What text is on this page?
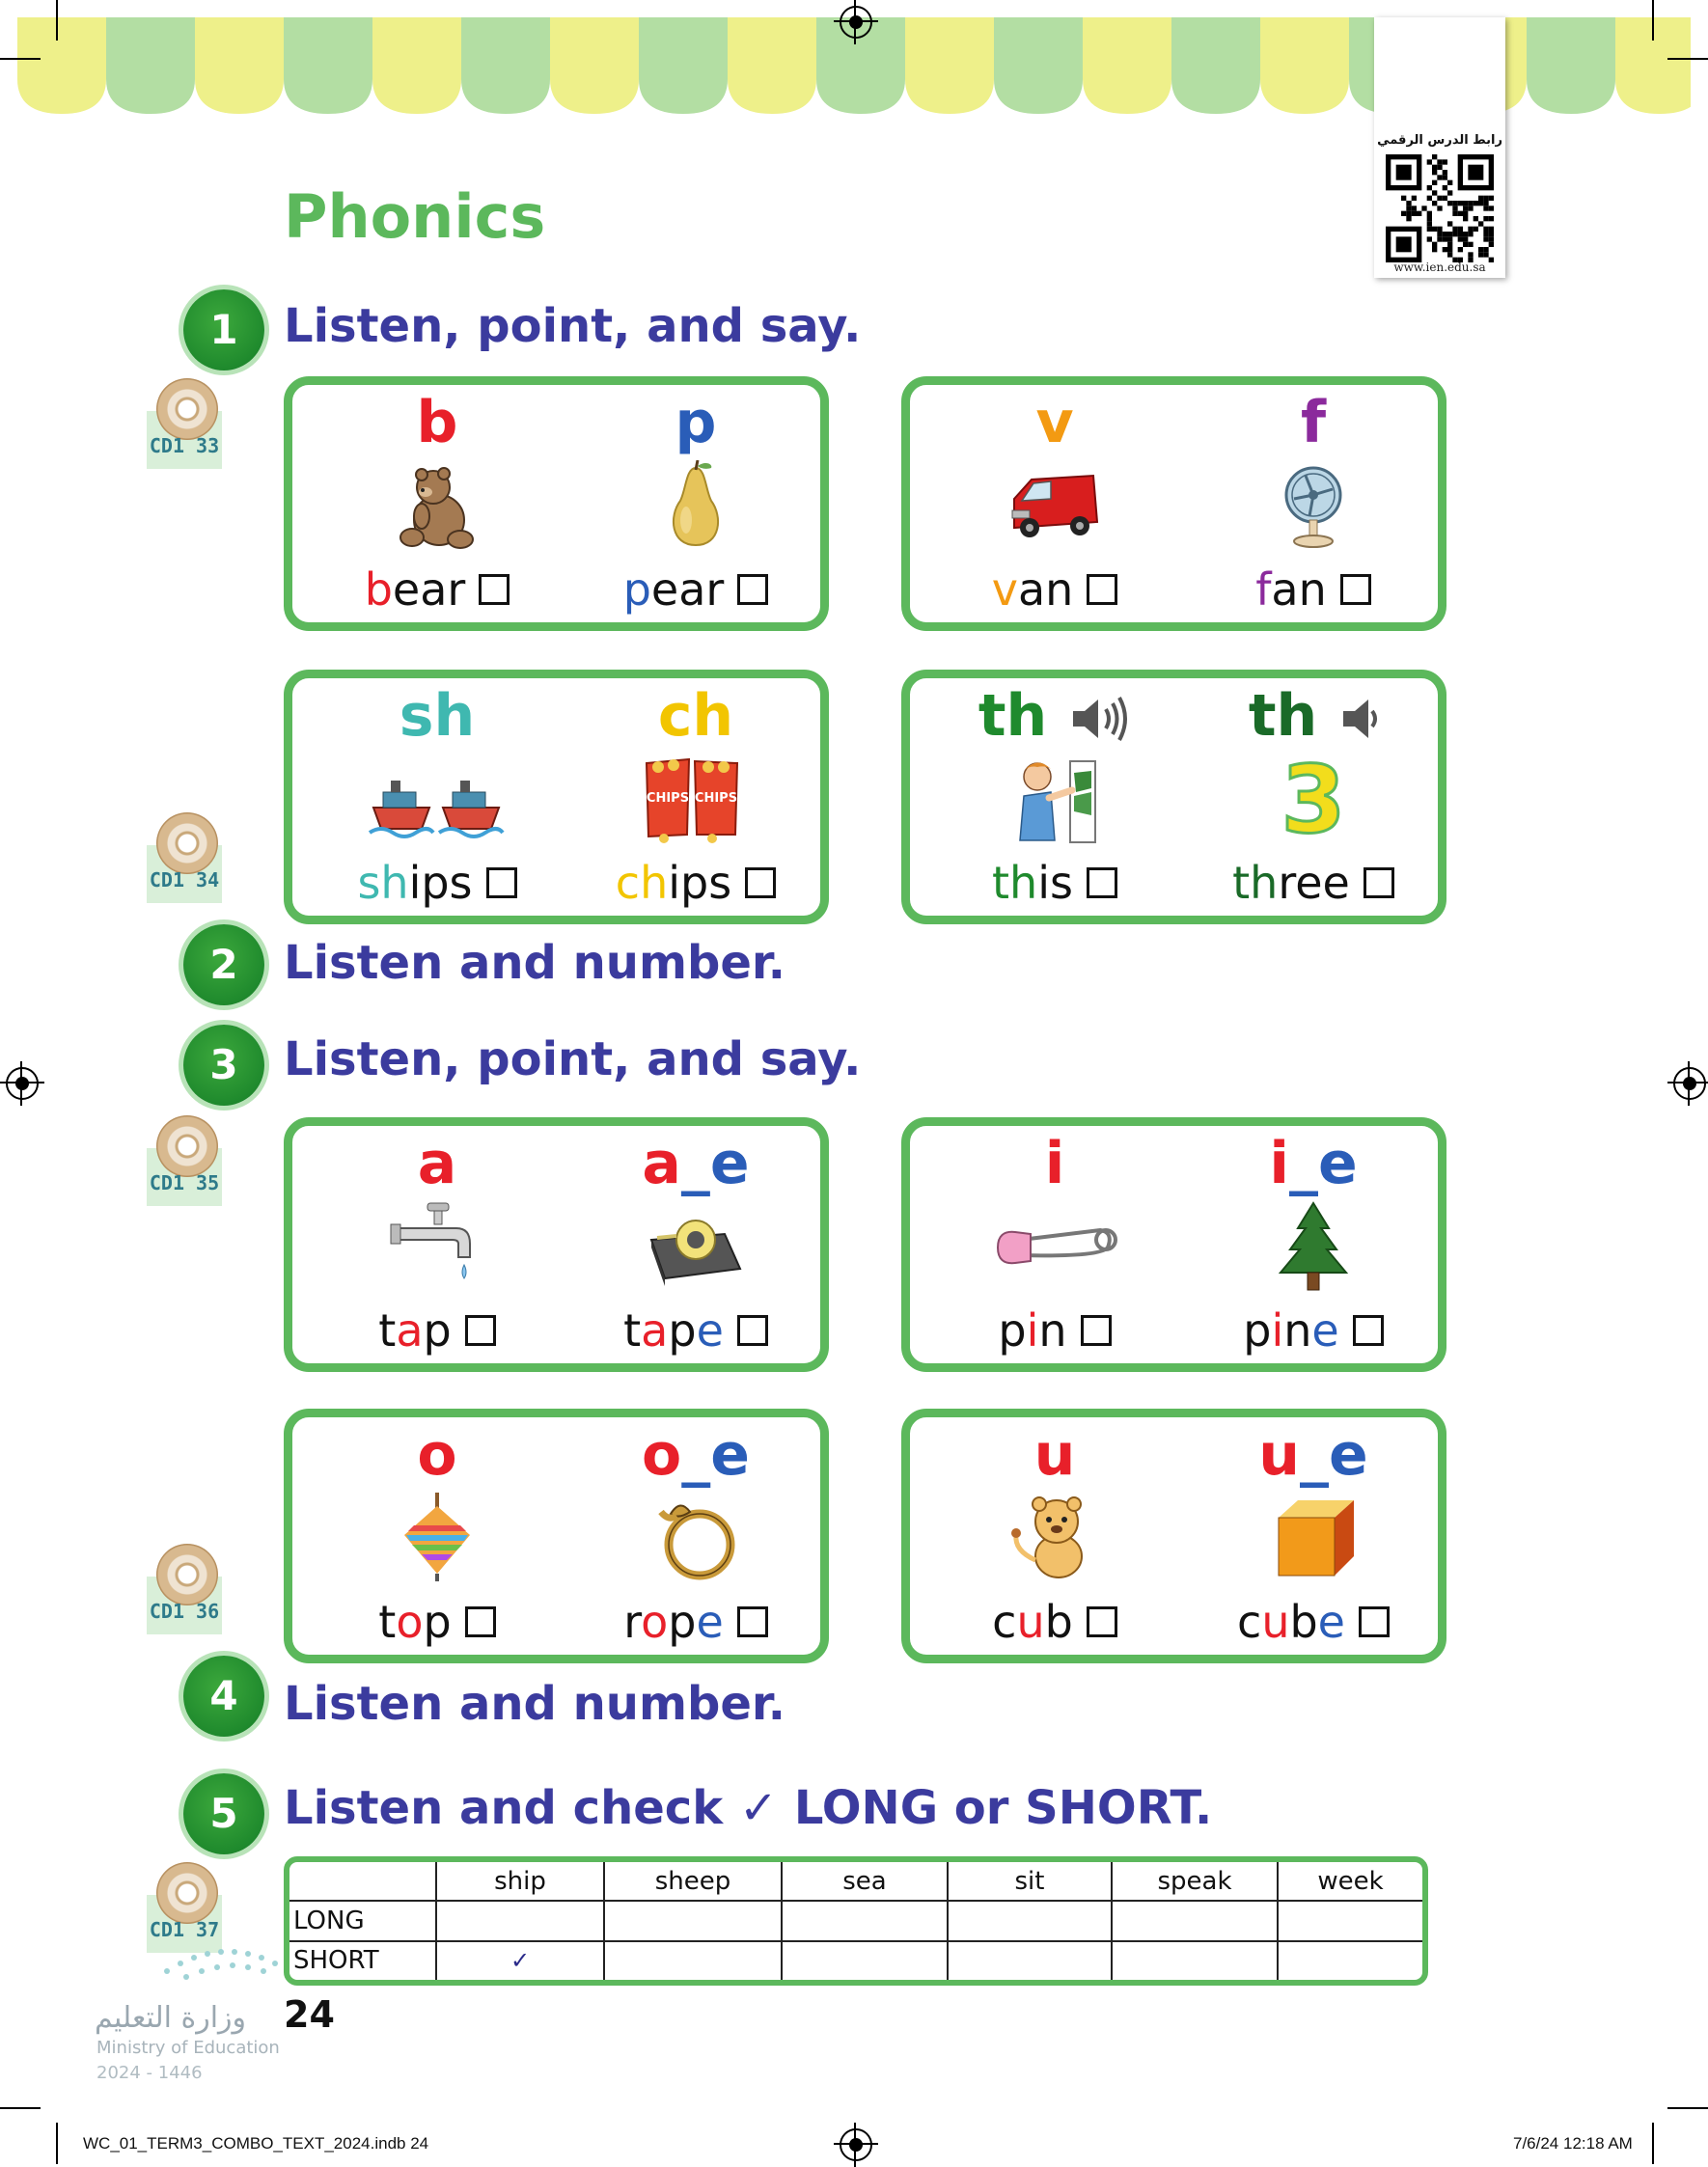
رابط الدرس الرقمي
www.ien.edu.sa
Phonics
1 Listen, point, and say.
CD1 33
CD1 34
2 Listen and number.
3 Listen, point, and say.
CD1 35
CD1 36
4 Listen and number.
5 Listen and check ✓ LONG or SHORT.
CD1 37
b
bear
p
pear
v
van
f
fan
sh
ships
ch
CHIPS CHIPS
chips
th
this
th
3
three
a
tap
a_e
tape
i
pin
i_e
pine
o
top
o_e
rope
u
cub
u_e
cube
	ship	sheep	sea	sit	speak	week
LONG						
SHORT	✓					
وزارة التعليم
Ministry of Education
2024 - 1446
24
WC_01_TERM3_COMBO_TEXT_2024.indb 24	7/6/24 12:18 AM
